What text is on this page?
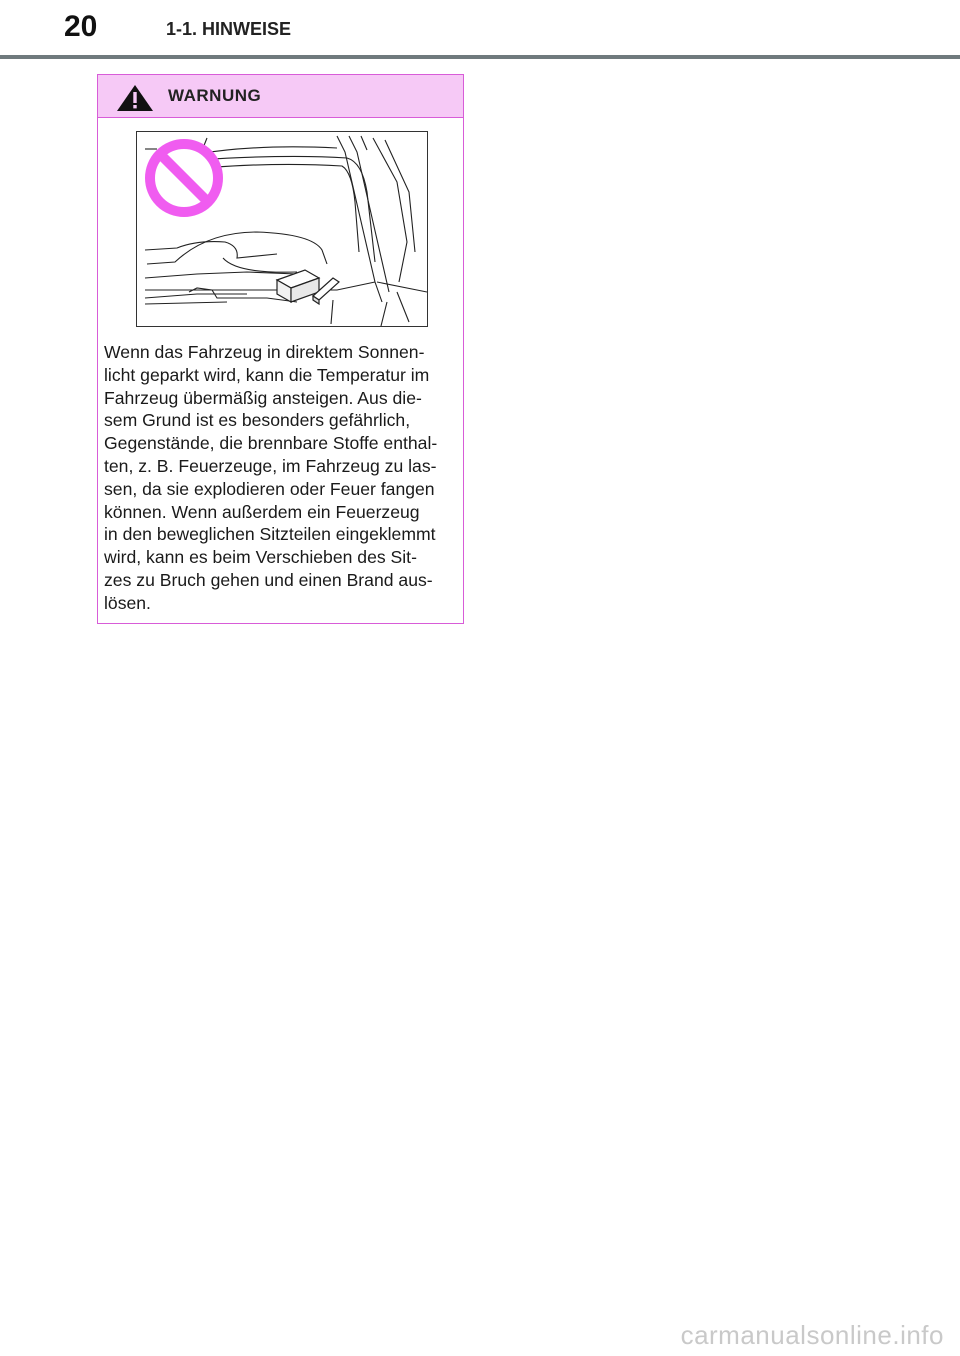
20	1-1. HINWEISE
WARNUNG
Wenn das Fahrzeug in direktem Sonnen-
licht geparkt wird, kann die Temperatur im
Fahrzeug übermäßig ansteigen. Aus die-
sem Grund ist es besonders gefährlich,
Gegenstände, die brennbare Stoffe enthal-
ten, z. B. Feuerzeuge, im Fahrzeug zu las-
sen, da sie explodieren oder Feuer fangen
können. Wenn außerdem ein Feuerzeug
in den beweglichen Sitzteilen eingeklemmt
wird, kann es beim Verschieben des Sit-
zes zu Bruch gehen und einen Brand aus-
lösen.
carmanualsonline.info
